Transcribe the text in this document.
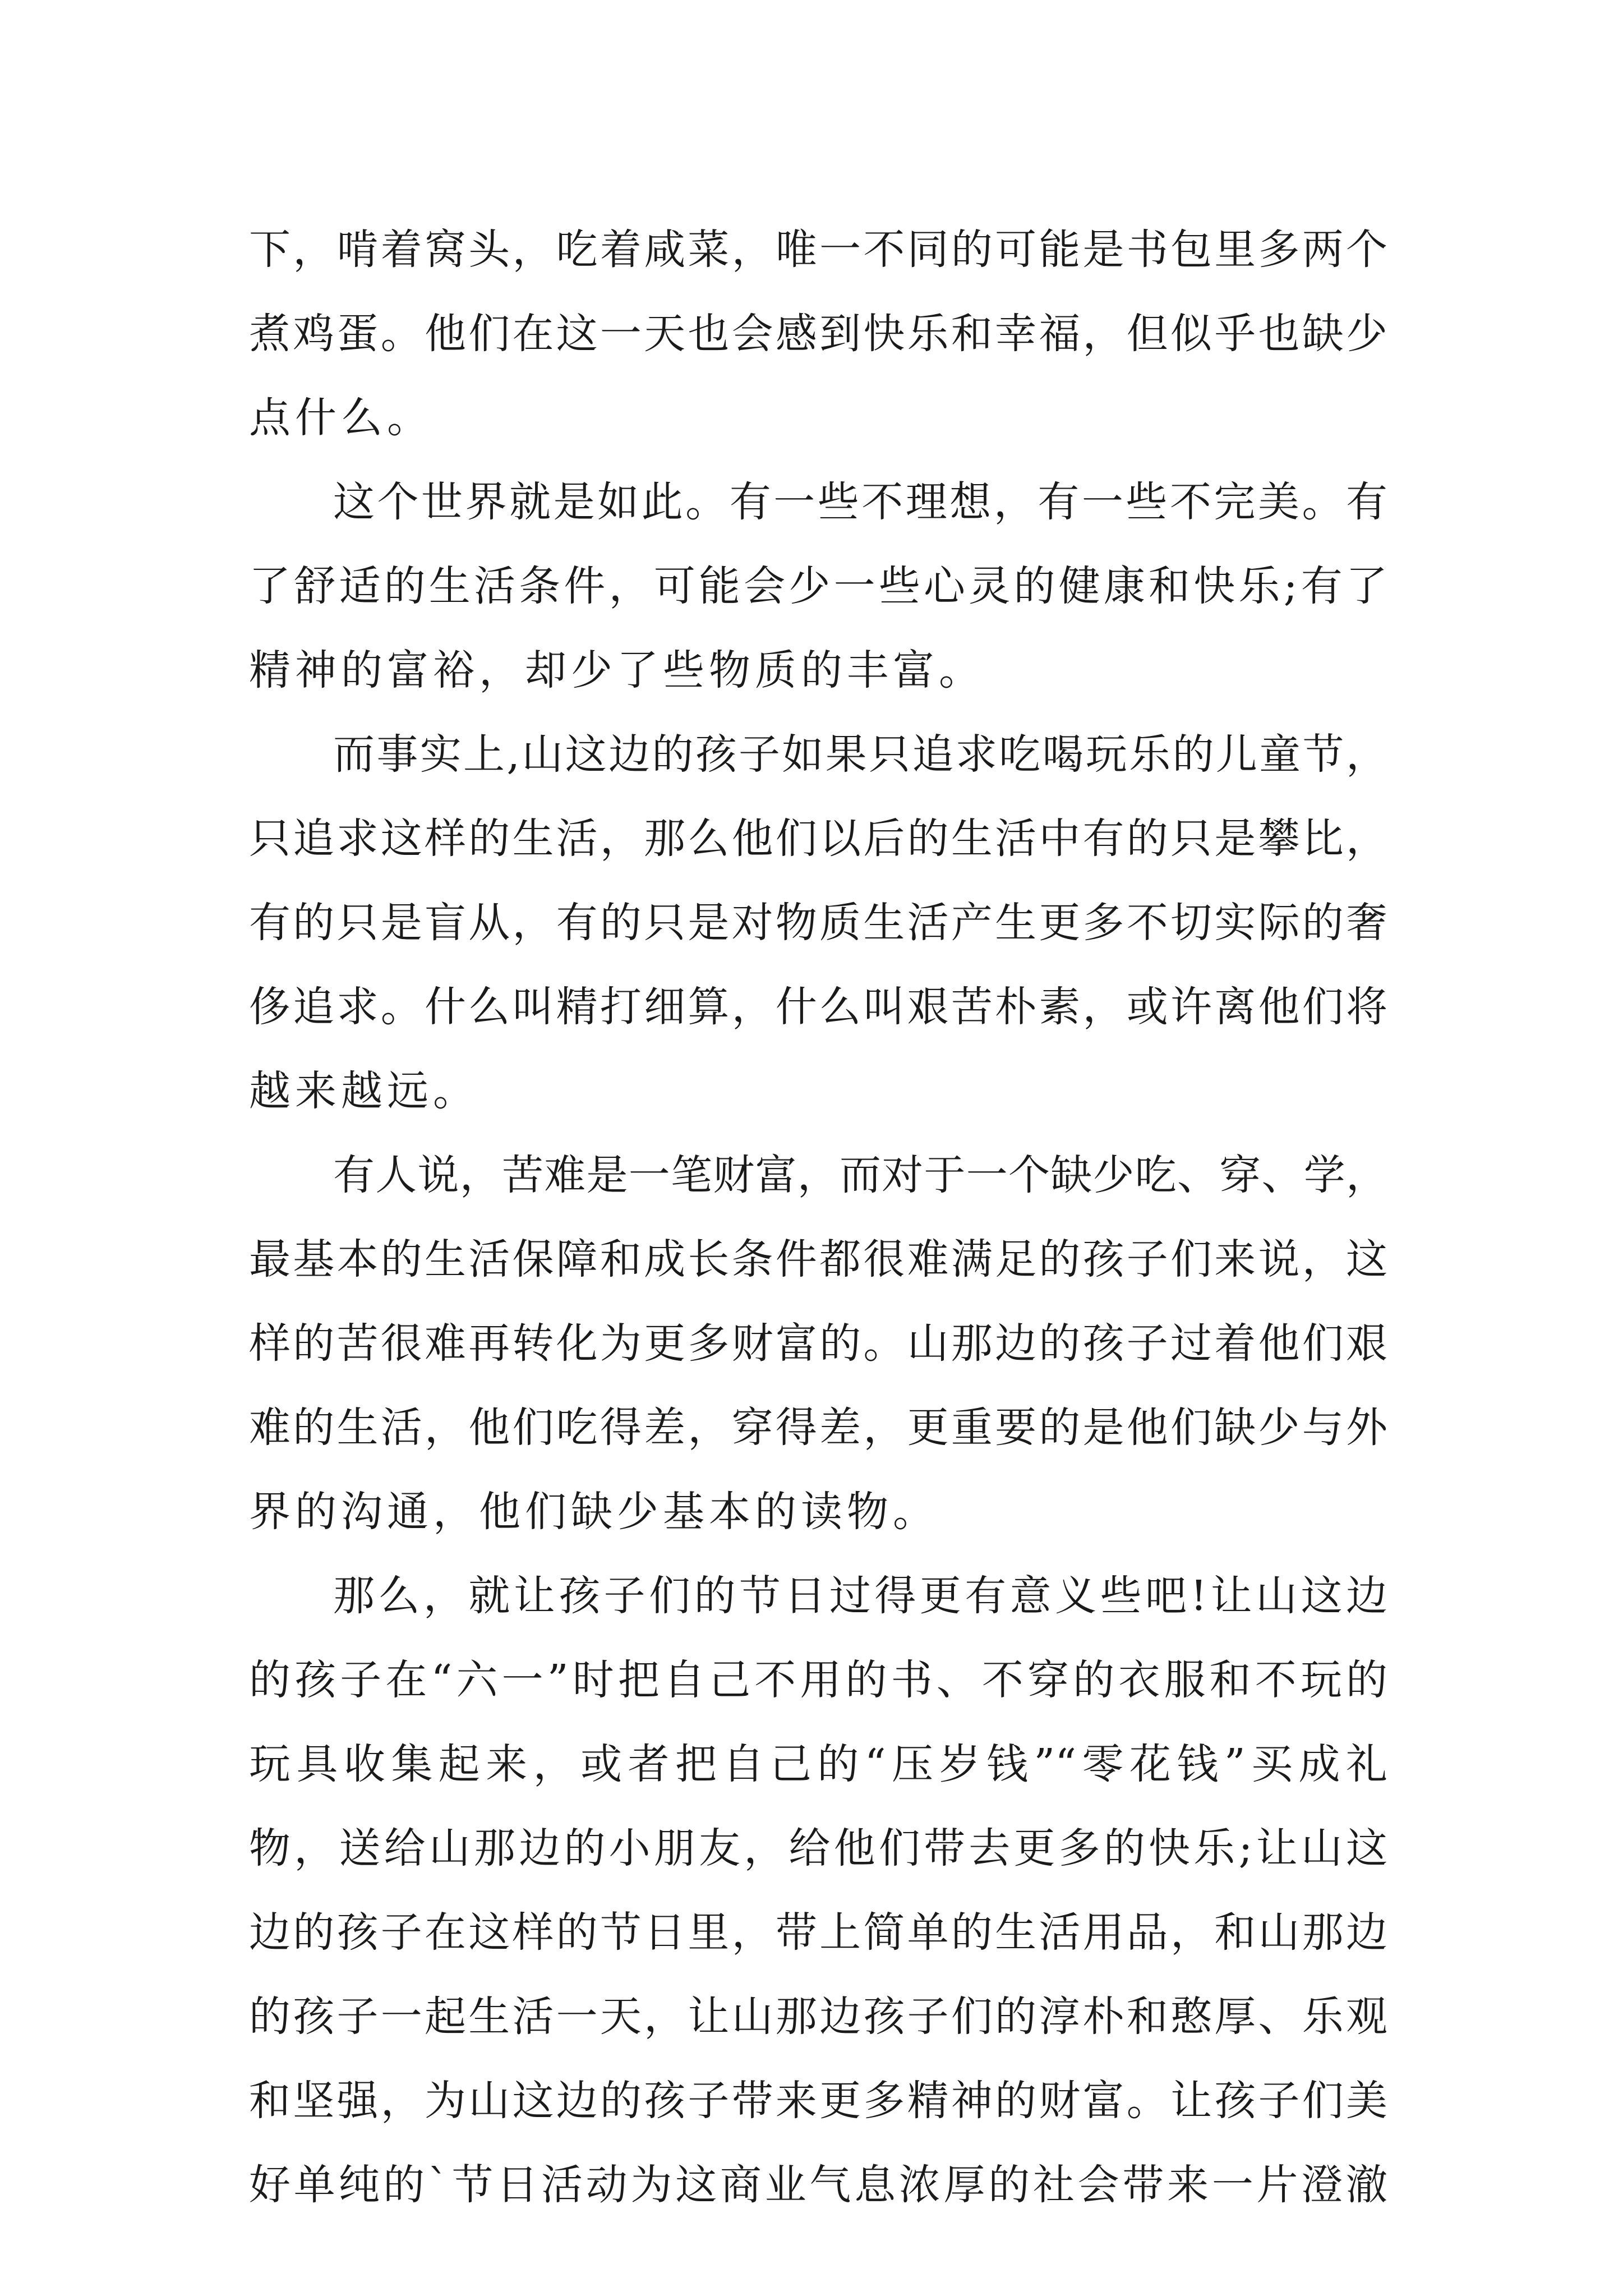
下，啃着窝头，吃着咸菜，唯一不同的可能是书包里多两个
煮鸡蛋。他们在这一天也会感到快乐和幸福，但似乎也缺少
点什么。
这个世界就是如此。有一些不理想，有一些不完美。有
了舒适的生活条件，可能会少一些心灵的健康和快乐;有了
精神的富裕，却少了些物质的丰富。
而事实上,山这边的孩子如果只追求吃喝玩乐的儿童节，
只追求这样的生活，那么他们以后的生活中有的只是攀比，
有的只是盲从，有的只是对物质生活产生更多不切实际的奢
侈追求。什么叫精打细算，什么叫艰苦朴素，或许离他们将
越来越远。
有人说，苦难是一笔财富，而对于一个缺少吃、穿、学，
最基本的生活保障和成长条件都很难满足的孩子们来说，这
样的苦很难再转化为更多财富的。山那边的孩子过着他们艰
难的生活，他们吃得差，穿得差，更重要的是他们缺少与外
界的沟通，他们缺少基本的读物。
那么，就让孩子们的节日过得更有意义些吧!让山这边
的孩子在“六一”时把自己不用的书、不穿的衣服和不玩的
玩具收集起来，或者把自己的“压岁钱”“零花钱”买成礼
物，送给山那边的小朋友，给他们带去更多的快乐;让山这
边的孩子在这样的节日里，带上简单的生活用品，和山那边
的孩子一起生活一天，让山那边孩子们的淳朴和憨厚、乐观
和坚强，为山这边的孩子带来更多精神的财富。让孩子们美
好单纯的`节日活动为这商业气息浓厚的社会带来一片澄澈
